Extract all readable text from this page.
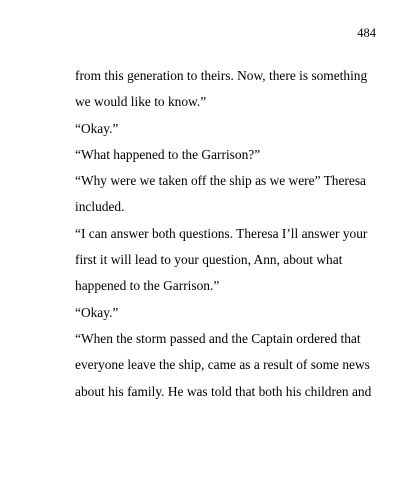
484
from this generation to theirs. Now, there is something
we would like to know.”
“Okay.”
“What happened to the Garrison?”
“Why were we taken off the ship as we were” Theresa
included.
“I can answer both questions. Theresa I’ll answer your
first it will lead to your question, Ann, about what
happened to the Garrison.”
“Okay.”
“When the storm passed and the Captain ordered that
everyone leave the ship, came as a result of some news
about his family. He was told that both his children and
